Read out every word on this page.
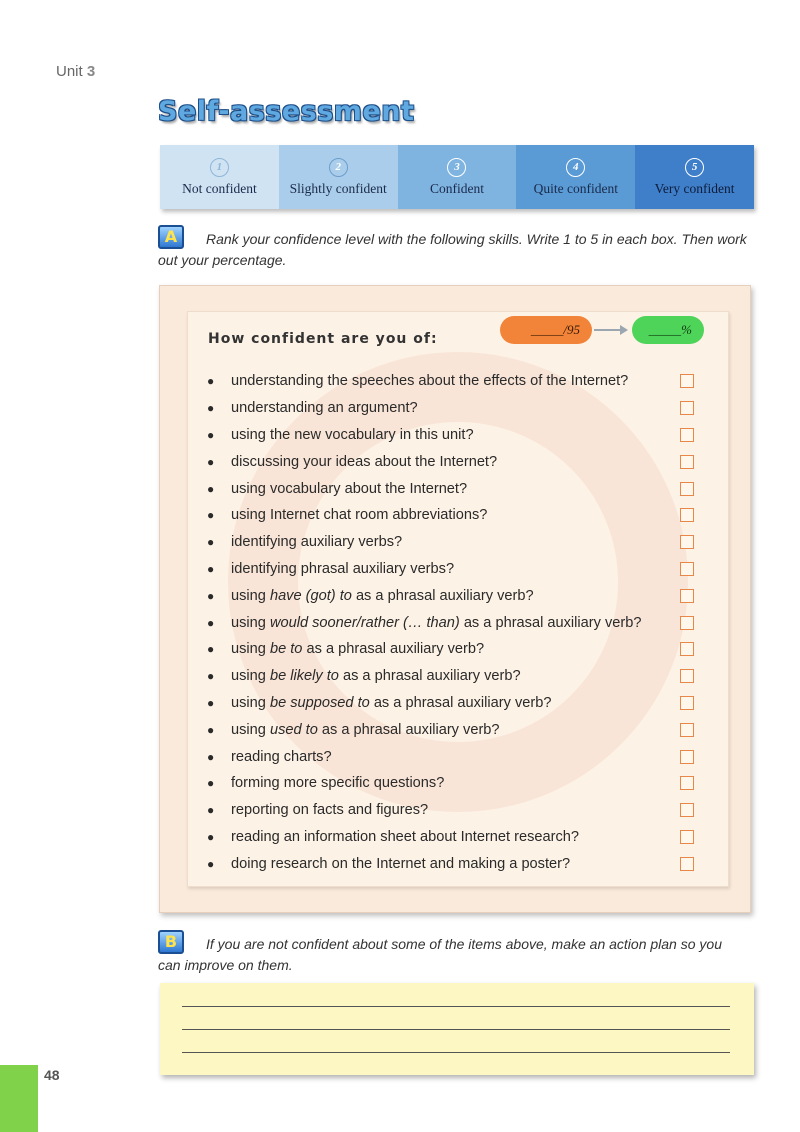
Unit 3
Self-assessment
1
Not confident
2
Slightly confident
3
Confident
4
Quite confident
5
Very confident
A	Rank your confidence level with the following skills. Write 1 to 5 in each box. Then work out your percentage.
How confident are you of:
_____/95	_____%
●	understanding the speeches about the effects of the Internet?
●	understanding an argument?
●	using the new vocabulary in this unit?
●	discussing your ideas about the Internet?
●	using vocabulary about the Internet?
●	using Internet chat room abbreviations?
●	identifying auxiliary verbs?
●	identifying phrasal auxiliary verbs?
●	using have (got) to as a phrasal auxiliary verb?
●	using would sooner/rather (… than) as a phrasal auxiliary verb?
●	using be to as a phrasal auxiliary verb?
●	using be likely to as a phrasal auxiliary verb?
●	using be supposed to as a phrasal auxiliary verb?
●	using used to as a phrasal auxiliary verb?
●	reading charts?
●	forming more specific questions?
●	reporting on facts and figures?
●	reading an information sheet about Internet research?
●	doing research on the Internet and making a poster?
B	If you are not confident about some of the items above, make an action plan so you can improve on them.
48
